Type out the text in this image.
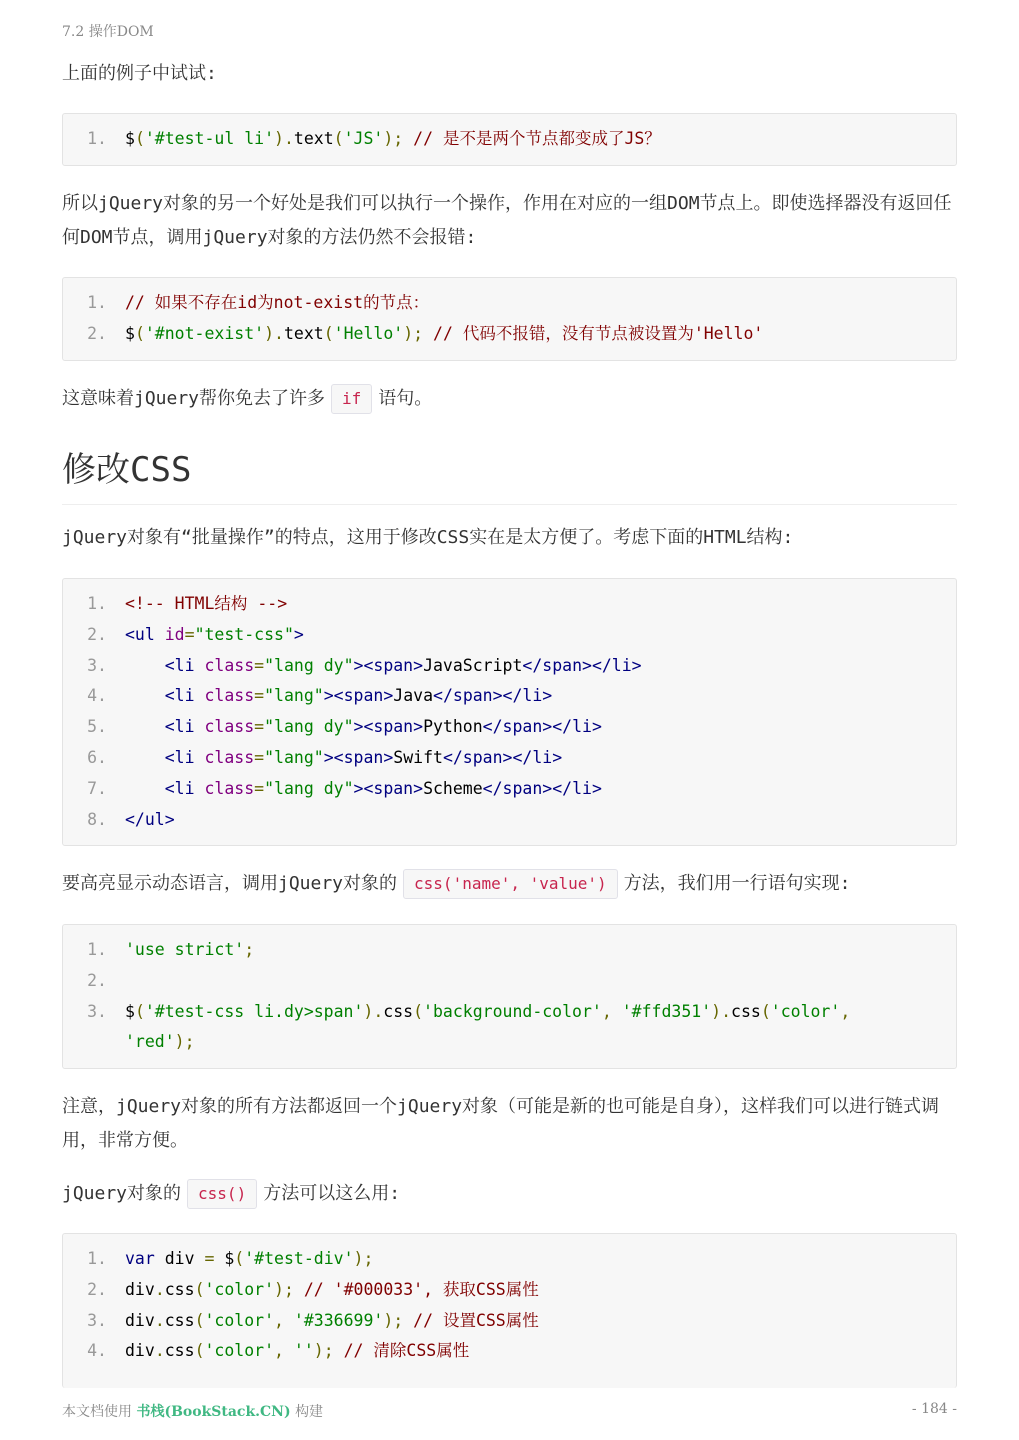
7.2 操作DOM
上面的例子中试试:
1.	$('#test-ul li').text('JS'); // 是不是两个节点都变成了JS？
所以jQuery对象的另一个好处是我们可以执行一个操作，作用在对应的一组DOM节点上。即使选择器没有返回任何DOM节点，调用jQuery对象的方法仍然不会报错:
1.	// 如果不存在id为not-exist的节点：
2.	$('#not-exist').text('Hello'); // 代码不报错，没有节点被设置为'Hello'
这意味着jQuery帮你免去了许多 if 语句。
修改CSS
jQuery对象有“批量操作”的特点，这用于修改CSS实在是太方便了。考虑下面的HTML结构:
1.	<!-- HTML结构 -->
2.	<ul id="test-css">
3.	<li class="lang dy"><span>JavaScript</span></li>
4.	<li class="lang"><span>Java</span></li>
5.	<li class="lang dy"><span>Python</span></li>
6.	<li class="lang"><span>Swift</span></li>
7.	<li class="lang dy"><span>Scheme</span></li>
8.	</ul>
要高亮显示动态语言，调用jQuery对象的 css('name', 'value') 方法，我们用一行语句实现:
1.	'use strict';
2.

3.	$('#test-css li.dy>span').css('background-color', '#ffd351').css('color',
'red');
注意，jQuery对象的所有方法都返回一个jQuery对象（可能是新的也可能是自身），这样我们可以进行链式调用，非常方便。
jQuery对象的 css() 方法可以这么用:
1.	var div = $('#test-div');
2.	div.css('color'); // '#000033', 获取CSS属性
3.	div.css('color', '#336699'); // 设置CSS属性
4.	div.css('color', ''); // 清除CSS属性
本文档使用 书栈(BookStack.CN) 构建	- 184 -
